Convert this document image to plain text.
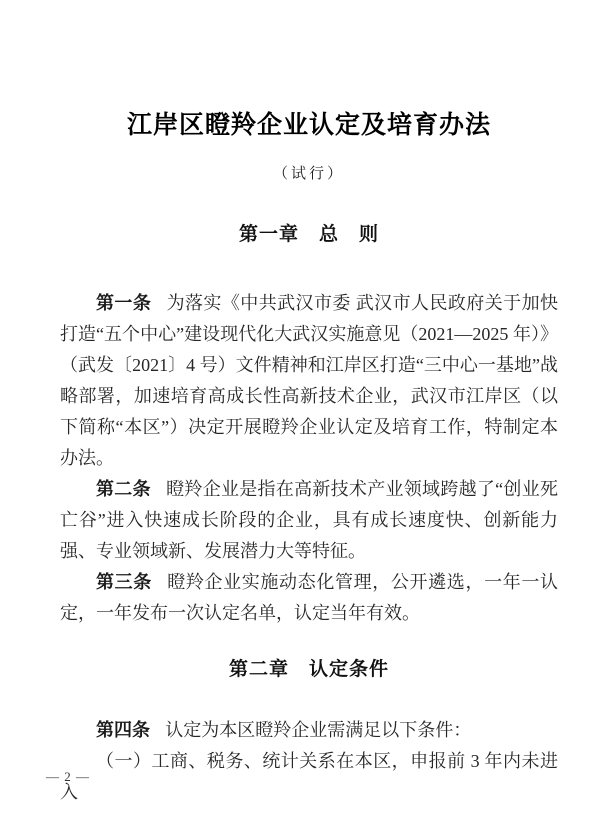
江岸区瞪羚企业认定及培育办法
（试行）
第一章　总　则

第一条 为落实《中共武汉市委 武汉市人民政府关于加快打造“五个中心”建设现代化大武汉实施意见（2021—2025 年）》（武发〔2021〕4 号）文件精神和江岸区打造“三中心一基地”战略部署，加速培育高成长性高新技术企业，武汉市江岸区（以下简称“本区”）决定开展瞪羚企业认定及培育工作，特制定本办法。

第二条 瞪羚企业是指在高新技术产业领域跨越了“创业死亡谷”进入快速成长阶段的企业，具有成长速度快、创新能力强、专业领域新、发展潜力大等特征。

第三条 瞪羚企业实施动态化管理，公开遴选，一年一认定，一年发布一次认定名单，认定当年有效。

第二章　认定条件

第四条 认定为本区瞪羚企业需满足以下条件：

（一）工商、税务、统计关系在本区，申报前 3 年内未进入

— 2 —
